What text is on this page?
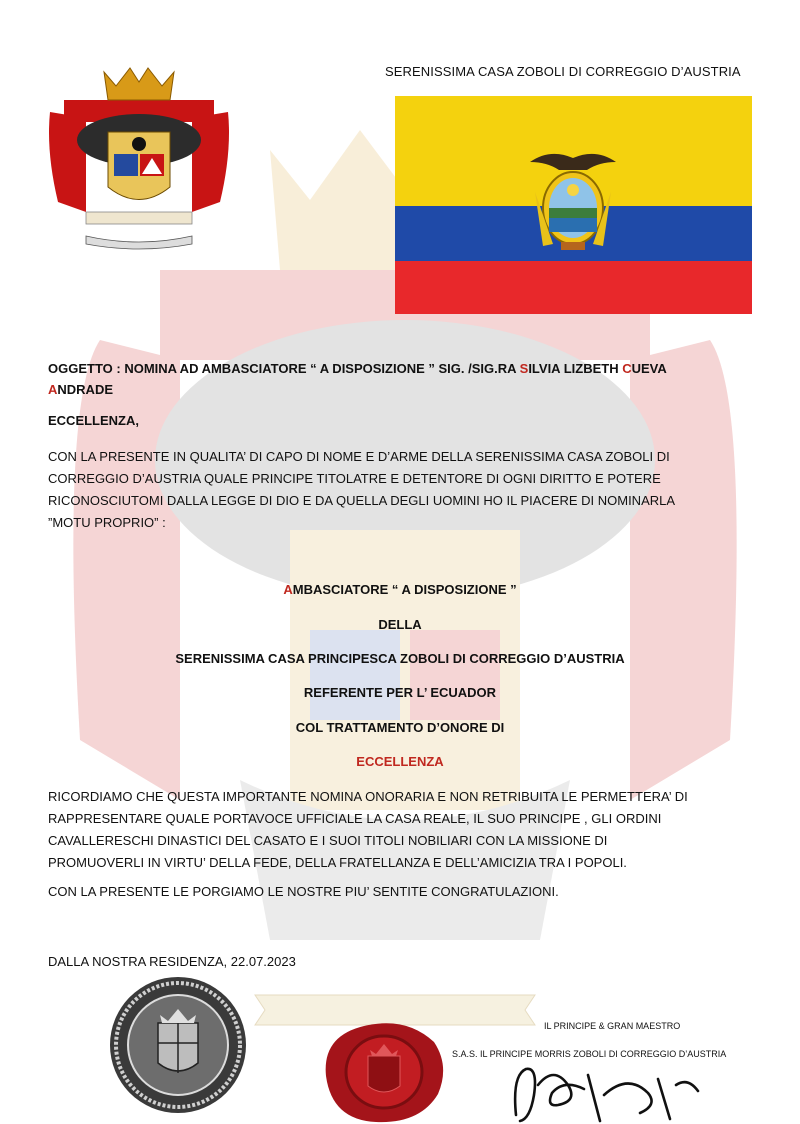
SERENISSIMA CASA ZOBOLI DI CORREGGIO D’AUSTRIA
OGGETTO : NOMINA AD AMBASCIATORE “ A DISPOSIZIONE ” SIG. /SIG.RA SILVIA LIZBETH CUEVA
ANDRADE
ECCELLENZA,
CON LA PRESENTE IN QUALITA’ DI CAPO DI NOME E D’ARME DELLA SERENISSIMA CASA ZOBOLI DI
CORREGGIO D’AUSTRIA QUALE PRINCIPE TITOLATRE E DETENTORE DI OGNI DIRITTO E POTERE
RICONOSCIUTOMI DALLA LEGGE DI DIO E DA QUELLA DEGLI UOMINI HO IL PIACERE DI NOMINARLA
”MOTU PROPRIO” :
AMBASCIATORE “ A DISPOSIZIONE ”
DELLA
SERENISSIMA CASA PRINCIPESCA ZOBOLI DI CORREGGIO D’AUSTRIA
REFERENTE PER L’ ECUADOR
COL TRATTAMENTO D’ONORE DI
ECCELLENZA
RICORDIAMO CHE QUESTA IMPORTANTE NOMINA ONORARIA E NON RETRIBUITA LE PERMETTERA’ DI
RAPPRESENTARE QUALE PORTAVOCE UFFICIALE LA CASA REALE, IL SUO PRINCIPE , GLI ORDINI
CAVALLERESCHI DINASTICI DEL CASATO E I SUOI TITOLI NOBILIARI CON LA MISSIONE DI
PROMUOVERLI IN VIRTU’ DELLA FEDE, DELLA FRATELLANZA E DELL’AMICIZIA TRA I POPOLI.
CON LA PRESENTE LE PORGIAMO LE NOSTRE PIU’ SENTITE CONGRATULAZIONI.
DALLA NOSTRA RESIDENZA, 22.07.2023
IL PRINCIPE & GRAN MAESTRO
S.A.S. IL PRINCIPE MORRIS ZOBOLI DI CORREGGIO D’AUSTRIA
